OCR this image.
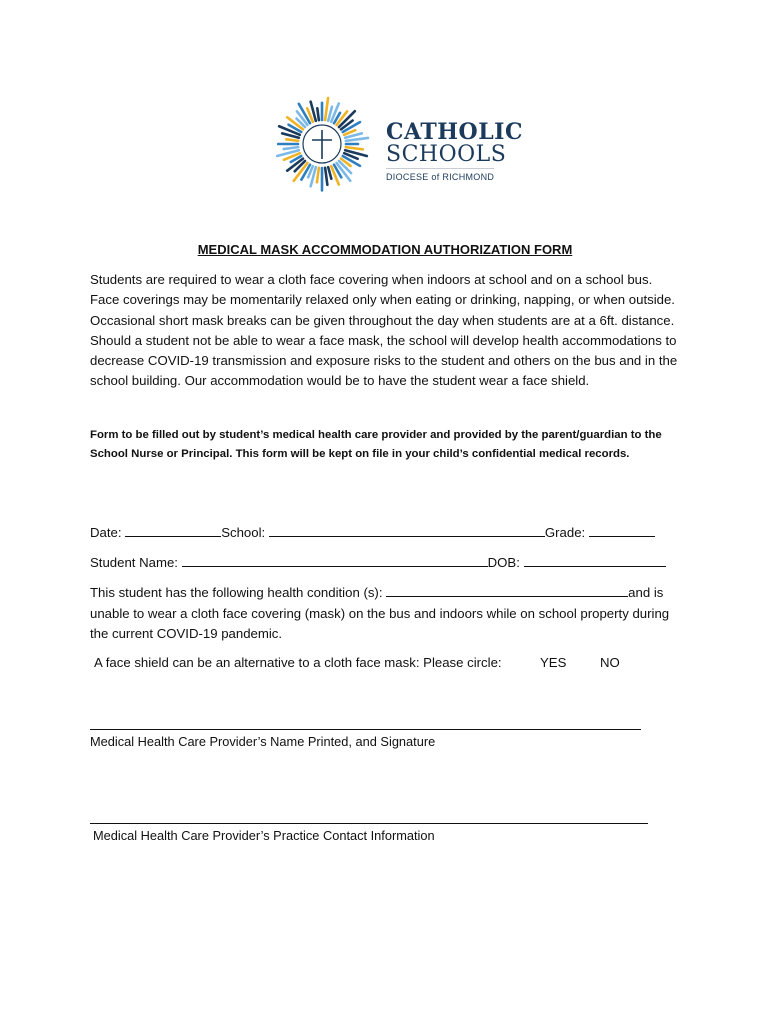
CATHOLIC
SCHOOLS
DIOCESE of RICHMOND
MEDICAL MASK ACCOMMODATION AUTHORIZATION FORM
Students are required to wear a cloth face covering when indoors at school and on a school bus. Face coverings may be momentarily relaxed only when eating or drinking, napping, or when outside. Occasional short mask breaks can be given throughout the day when students are at a 6ft. distance. Should a student not be able to wear a face mask, the school will develop health accommodations to decrease COVID-19 transmission and exposure risks to the student and others on the bus and in the school building. Our accommodation would be to have the student wear a face shield.
Form to be filled out by student’s medical health care provider and provided by the parent/guardian to the School Nurse or Principal. This form will be kept on file in your child’s confidential medical records.
Date:	School:	Grade:
Student Name:	DOB:
This student has the following health condition (s):	and is unable to wear a cloth face covering (mask) on the bus and indoors while on school property during the current COVID-19 pandemic.
A face shield can be an alternative to a cloth face mask: Please circle:	YES	NO
Medical Health Care Provider’s Name Printed, and Signature
Medical Health Care Provider’s Practice Contact Information
